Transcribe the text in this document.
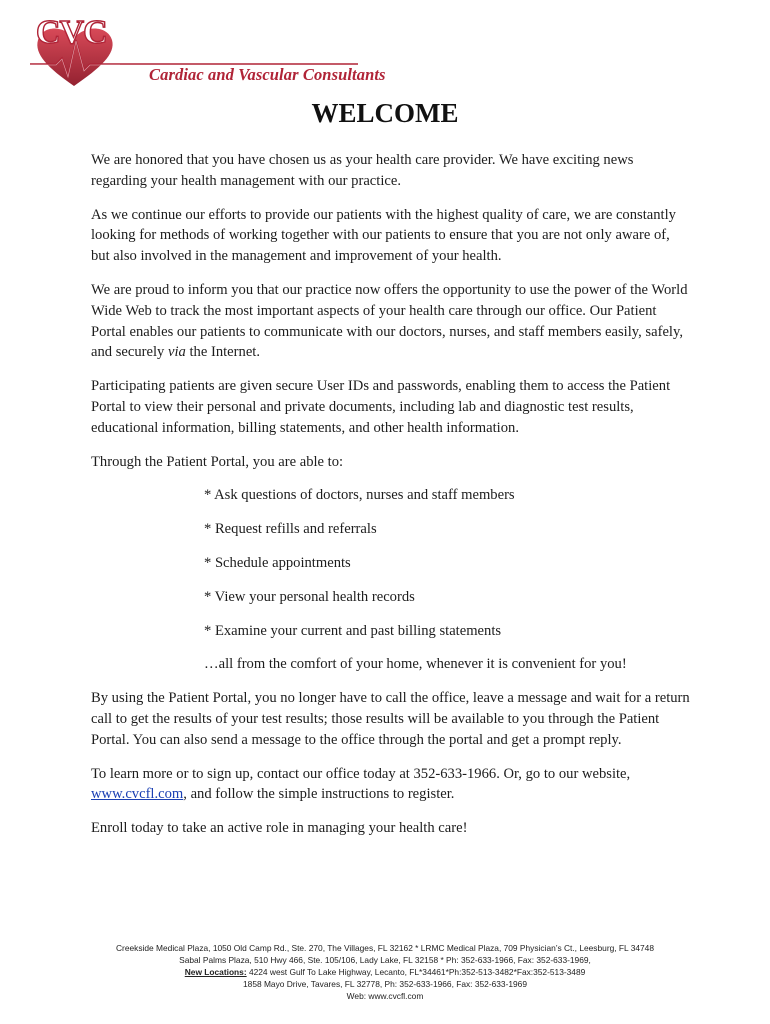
CVC
Cardiac and Vascular Consultants
WELCOME

We are honored that you have chosen us as your health care provider. We have exciting news regarding your health management with our practice.

As we continue our efforts to provide our patients with the highest quality of care, we are constantly looking for methods of working together with our patients to ensure that you are not only aware of, but also involved in the management and improvement of your health.

We are proud to inform you that our practice now offers the opportunity to use the power of the World Wide Web to track the most important aspects of your health care through our office. Our Patient Portal enables our patients to communicate with our doctors, nurses, and staff members easily, safely, and securely via the Internet.

Participating patients are given secure User IDs and passwords, enabling them to access the Patient Portal to view their personal and private documents, including lab and diagnostic test results, educational information, billing statements, and other health information.

Through the Patient Portal, you are able to:

* Ask questions of doctors, nurses and staff members
* Request refills and referrals
* Schedule appointments
* View your personal health records
* Examine your current and past billing statements
…all from the comfort of your home, whenever it is convenient for you!

By using the Patient Portal, you no longer have to call the office, leave a message and wait for a return call to get the results of your test results; those results will be available to you through the Patient Portal. You can also send a message to the office through the portal and get a prompt reply.

To learn more or to sign up, contact our office today at 352-633-1966. Or, go to our website, www.cvcfl.com, and follow the simple instructions to register.

Enroll today to take an active role in managing your health care!

Creekside Medical Plaza, 1050 Old Camp Rd., Ste. 270, The Villages, FL 32162 * LRMC Medical Plaza, 709 Physician’s Ct., Leesburg, FL 34748
Sabal Palms Plaza, 510 Hwy 466, Ste. 105/106, Lady Lake, FL 32158 * Ph: 352-633-1966, Fax: 352-633-1969,
New Locations: 4224 west Gulf To Lake Highway, Lecanto, FL*34461*Ph:352-513-3482*Fax:352-513-3489
1858 Mayo Drive, Tavares, FL 32778, Ph: 352-633-1966, Fax: 352-633-1969
Web: www.cvcfl.com
